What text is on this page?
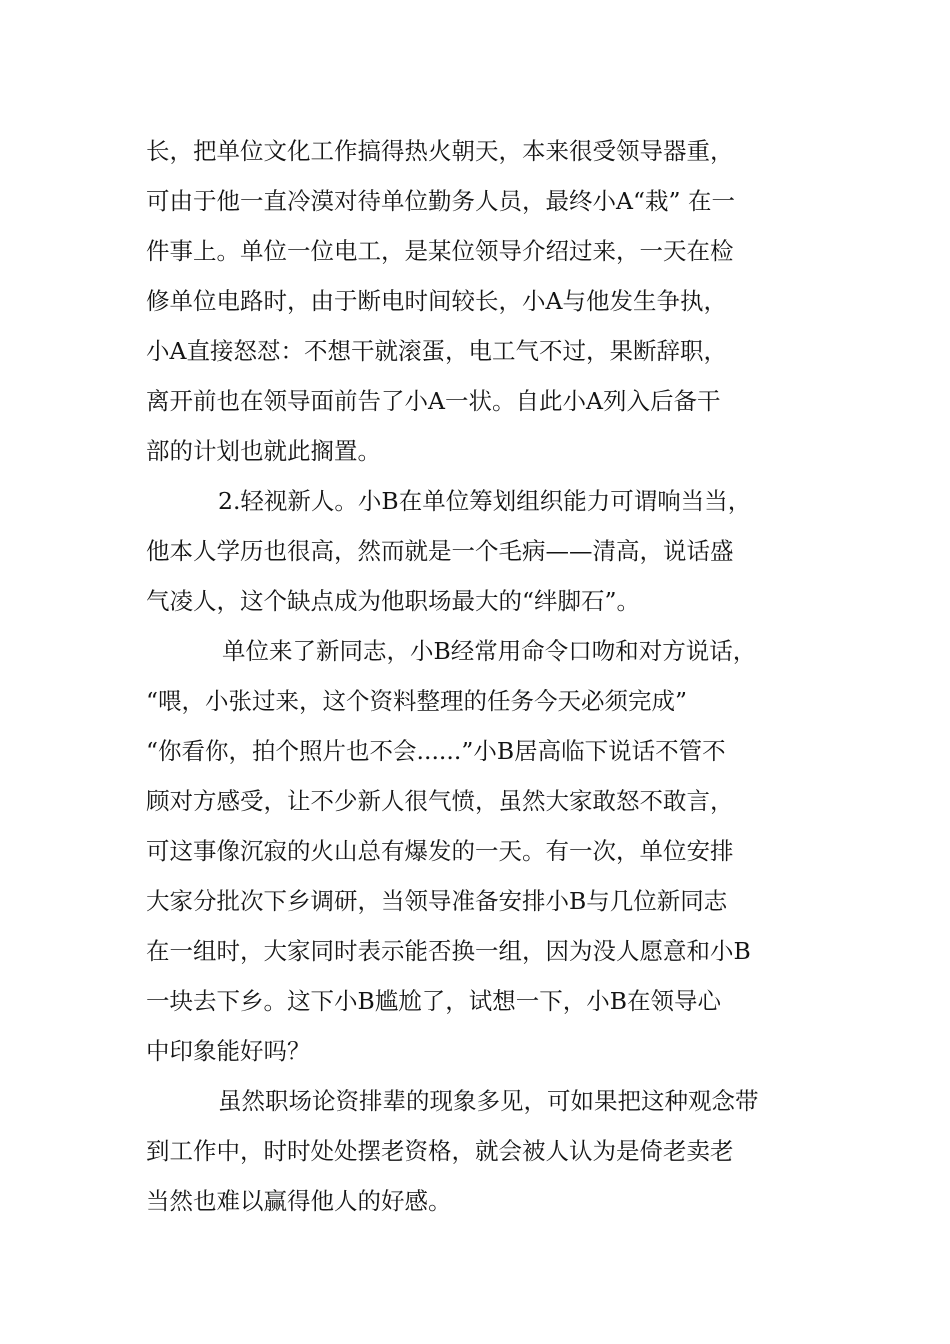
长，把单位文化工作搞得热火朝天，本来很受领导器重，

可由于他一直冷漠对待单位勤务人员，最终小A“栽” 在一

件事上。单位一位电工，是某位领导介绍过来，一天在检

修单位电路时，由于断电时间较长，小A与他发生争执，

小A直接怒怼：不想干就滚蛋，电工气不过，果断辞职，

离开前也在领导面前告了小A一状。自此小A列入后备干

部的计划也就此搁置。

2.轻视新人。小B在单位筹划组织能力可谓响当当，

他本人学历也很高，然而就是一个毛病——清高，说话盛

气凌人，这个缺点成为他职场最大的“绊脚石”。

单位来了新同志，小B经常用命令口吻和对方说话，

“喂，小张过来，这个资料整理的任务今天必须完成”

“你看你，拍个照片也不会......”小B居高临下说话不管不

顾对方感受，让不少新人很气愤，虽然大家敢怒不敢言，

可这事像沉寂的火山总有爆发的一天。有一次，单位安排

大家分批次下乡调研，当领导准备安排小B与几位新同志

在一组时，大家同时表示能否换一组，因为没人愿意和小B

一块去下乡。这下小B尴尬了，试想一下，小B在领导心

中印象能好吗？

虽然职场论资排辈的现象多见，可如果把这种观念带

到工作中，时时处处摆老资格，就会被人认为是倚老卖老

当然也难以赢得他人的好感。
